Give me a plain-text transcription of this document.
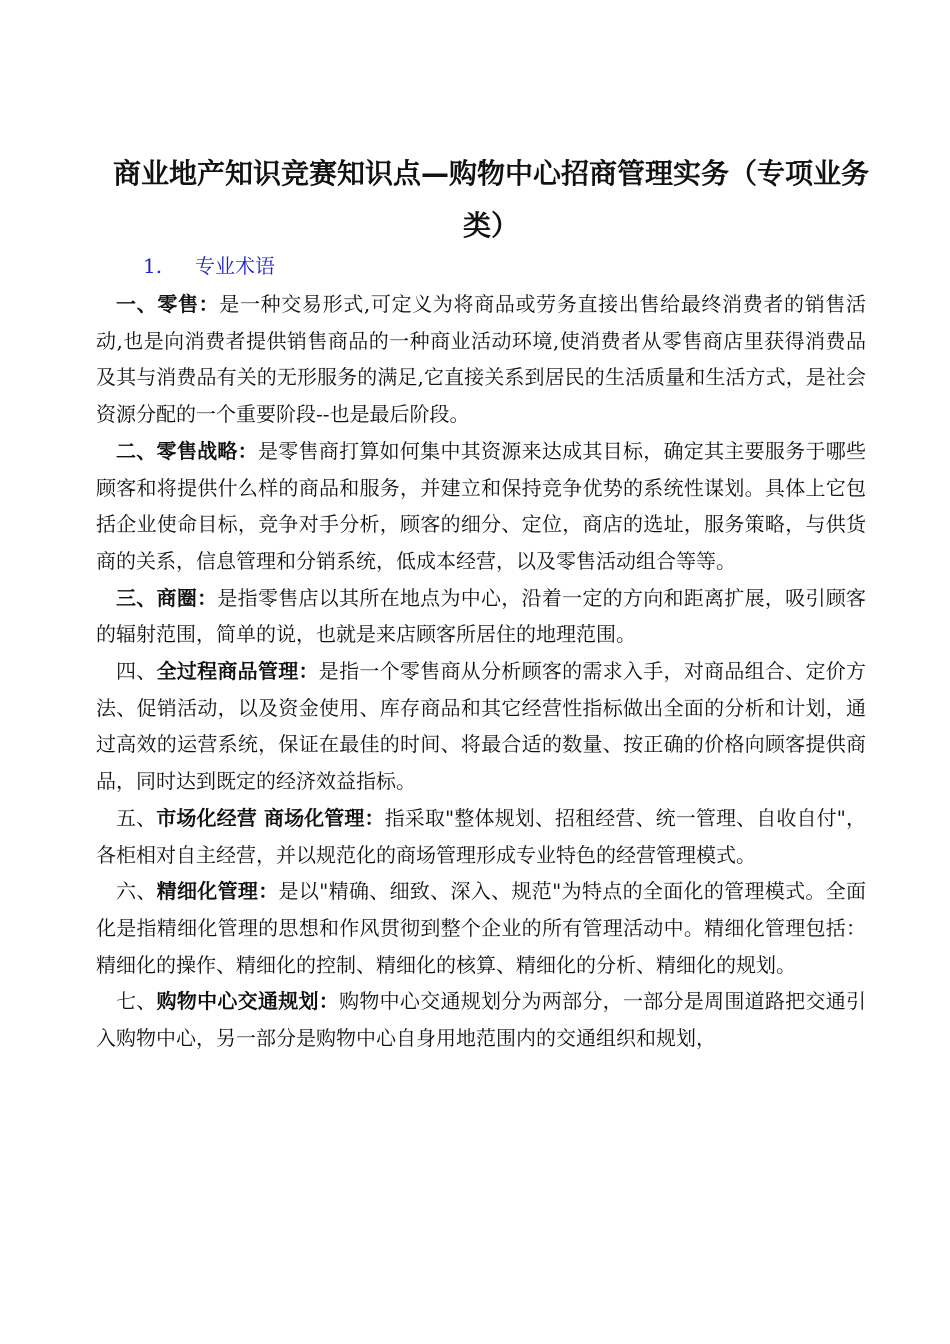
商业地产知识竞赛知识点—购物中心招商管理实务（专项业务类）
1. 专业术语

一、零售：是一种交易形式,可定义为将商品或劳务直接出售给最终消费者的销售活动,也是向消费者提供销售商品的一种商业活动环境,使消费者从零售商店里获得消费品及其与消费品有关的无形服务的满足,它直接关系到居民的生活质量和生活方式，是社会资源分配的一个重要阶段--也是最后阶段。

二、零售战略：是零售商打算如何集中其资源来达成其目标，确定其主要服务于哪些顾客和将提供什么样的商品和服务，并建立和保持竞争优势的系统性谋划。具体上它包括企业使命目标，竞争对手分析，顾客的细分、定位，商店的选址，服务策略，与供货商的关系，信息管理和分销系统，低成本经营，以及零售活动组合等等。

三、商圈：是指零售店以其所在地点为中心，沿着一定的方向和距离扩展，吸引顾客的辐射范围，简单的说，也就是来店顾客所居住的地理范围。

四、全过程商品管理：是指一个零售商从分析顾客的需求入手，对商品组合、定价方法、促销活动，以及资金使用、库存商品和其它经营性指标做出全面的分析和计划，通过高效的运营系统，保证在最佳的时间、将最合适的数量、按正确的价格向顾客提供商品，同时达到既定的经济效益指标。

五、市场化经营 商场化管理：指采取"整体规划、招租经营、统一管理、自收自付"，各柜相对自主经营，并以规范化的商场管理形成专业特色的经营管理模式。

六、精细化管理：是以"精确、细致、深入、规范"为特点的全面化的管理模式。全面化是指精细化管理的思想和作风贯彻到整个企业的所有管理活动中。精细化管理包括：精细化的操作、精细化的控制、精细化的核算、精细化的分析、精细化的规划。

七、购物中心交通规划：购物中心交通规划分为两部分，一部分是周围道路把交通引入购物中心，另一部分是购物中心自身用地范围内的交通组织和规划，
